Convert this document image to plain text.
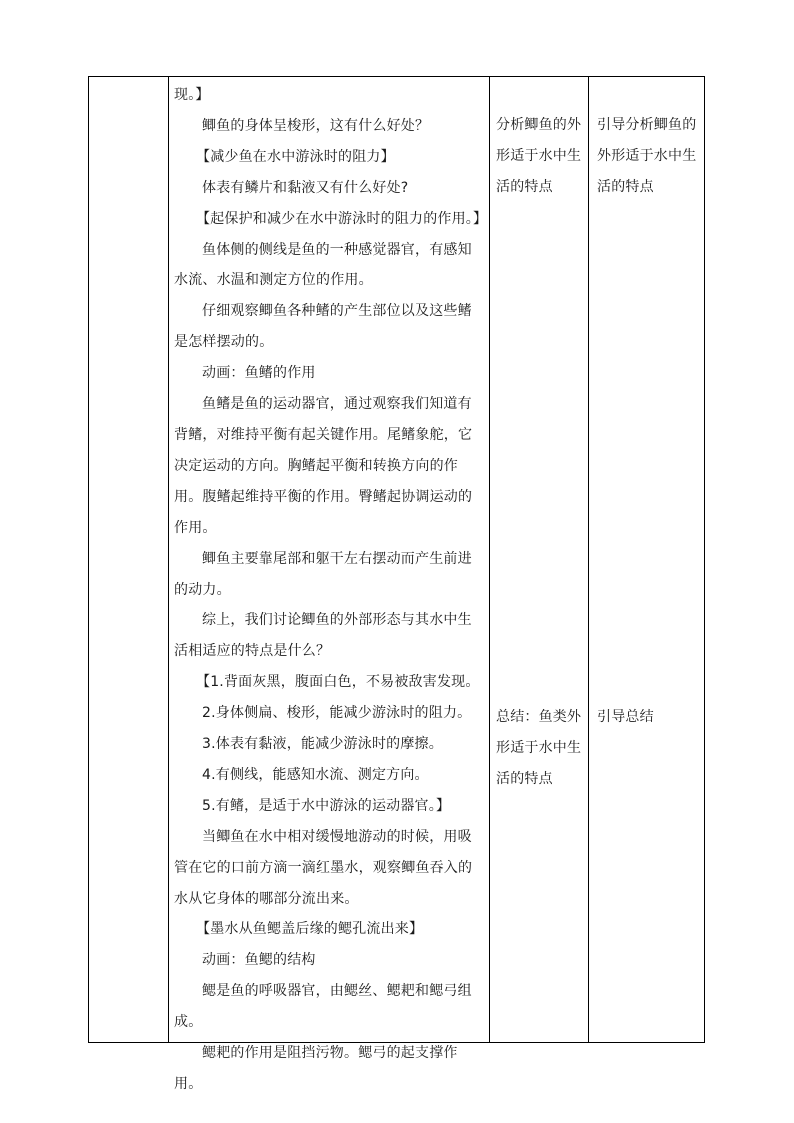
现。】

鲫鱼的身体呈梭形，这有什么好处？

【减少鱼在水中游泳时的阻力】

体表有鳞片和黏液又有什么好处?

【起保护和减少在水中游泳时的阻力的作用。】

鱼体侧的侧线是鱼的一种感觉器官，有感知水流、水温和测定方位的作用。

仔细观察鲫鱼各种鳍的产生部位以及这些鳍是怎样摆动的。

动画：鱼鳍的作用

鱼鳍是鱼的运动器官，通过观察我们知道有背鳍，对维持平衡有起关键作用。尾鳍象舵，它决定运动的方向。胸鳍起平衡和转换方向的作用。腹鳍起维持平衡的作用。臀鳍起协调运动的作用。

鲫鱼主要靠尾部和躯干左右摆动而产生前进的动力。

综上，我们讨论鲫鱼的外部形态与其水中生活相适应的特点是什么？

【1.背面灰黑，腹面白色，不易被敌害发现。

2.身体侧扁、梭形，能减少游泳时的阻力。

3.体表有黏液，能减少游泳时的摩擦。

4.有侧线，能感知水流、测定方向。

5.有鳍，是适于水中游泳的运动器官。】

当鲫鱼在水中相对缓慢地游动的时候，用吸管在它的口前方滴一滴红墨水，观察鲫鱼吞入的水从它身体的哪部分流出来。

【墨水从鱼鳃盖后缘的鳃孔流出来】

动画：鱼鳃的结构

鳃是鱼的呼吸器官，由鳃丝、鳃耙和鳃弓组成。

鳃耙的作用是阻挡污物。鳃弓的起支撑作用。

分析鲫鱼的外形适于水中生活的特点

总结：鱼类外形适于水中生活的特点

引导分析鲫鱼的外形适于水中生活的特点

引导总结
